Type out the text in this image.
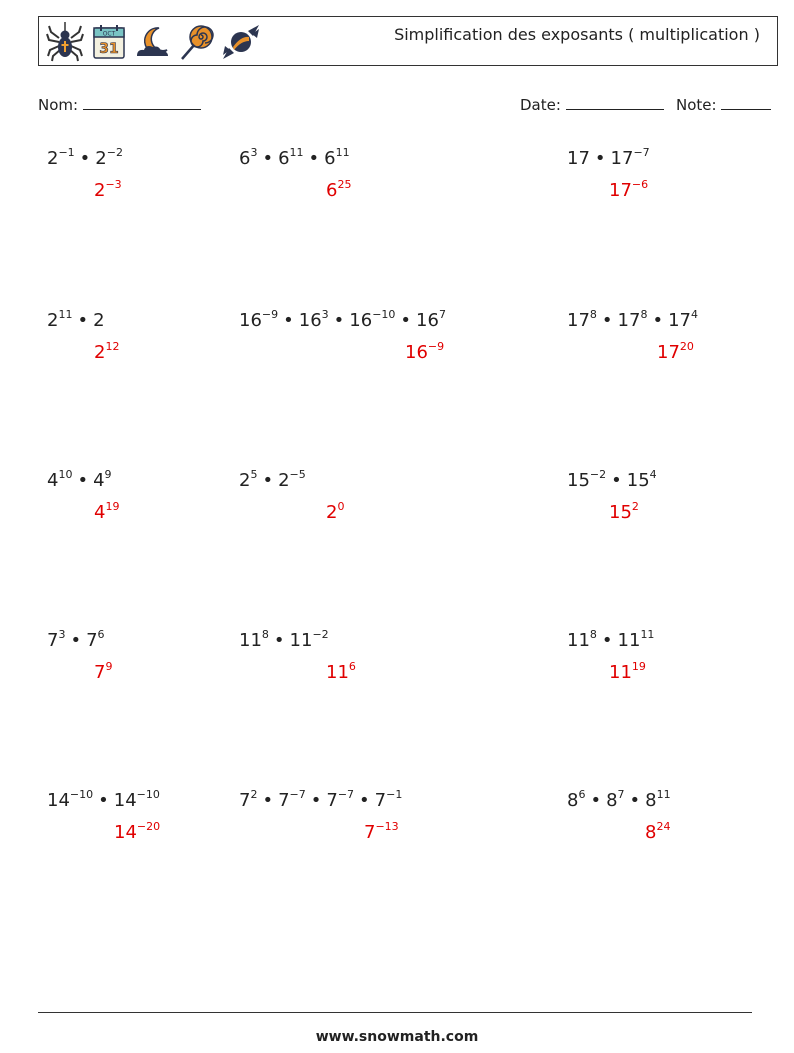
OCT
31
Simplification des exposants ( multiplication )
Nom:	Date:	Note:
$2^{-1}$ • $2^{-2}$
$2^{-3}$
$6^3$ • $6^{11}$ • $6^{11}$
$6^{25}$
17 • $17^{-7}$
$17^{-6}$
$2^{11}$ • 2
$2^{12}$
$16^{-9}$ • $16^3$ • $16^{-10}$ • $16^7$
$16^{-9}$
$17^8$ • $17^8$ • $17^4$
$17^{20}$
$4^{10}$ • $4^9$
$4^{19}$
$2^5$ • $2^{-5}$
$2^0$
$15^{-2}$ • $15^4$
$15^2$
$7^3$ • $7^6$
$7^9$
$11^8$ • $11^{-2}$
$11^6$
$11^8$ • $11^{11}$
$11^{19}$
$14^{-10}$ • $14^{-10}$
$14^{-20}$
$7^2$ • $7^{-7}$ • $7^{-7}$ • $7^{-1}$
$7^{-13}$
$8^6$ • $8^7$ • $8^{11}$
$8^{24}$
www.snowmath.com
